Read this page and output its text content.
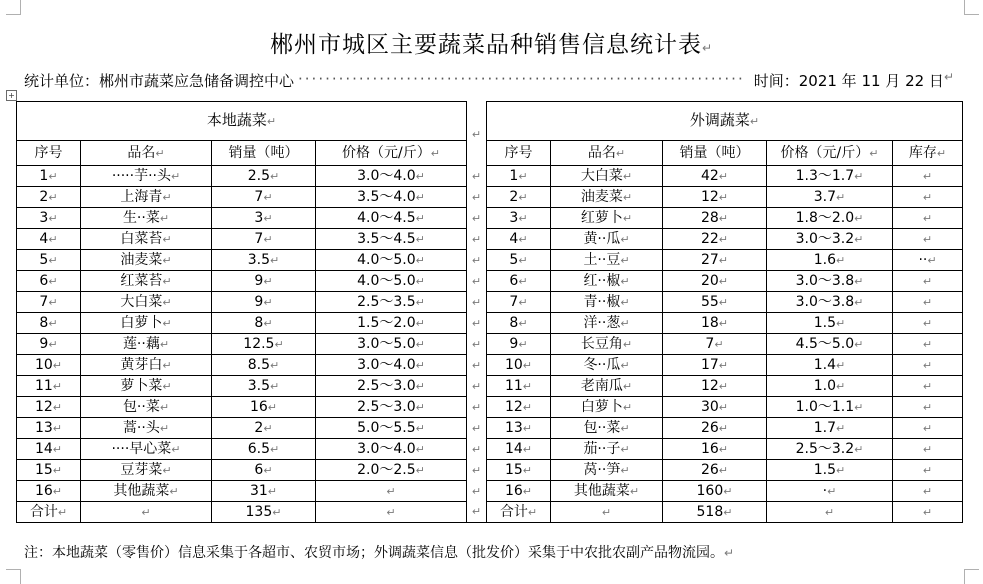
郴州市城区主要蔬菜品种销售信息统计表↵
统计单位：郴州市蔬菜应急储备调控中心 ·································································· 时间：2021 年 11 月 22 日 ↵
+
本地蔬菜↵				↵	外调蔬菜↵				
序号	品名↵	销量（吨）	价格（元/斤）↵		序号	品名↵	销量（吨）	价格（元/斤）↵	库存↵
1↵	·····芋··头↵	2.5↵	3.0～4.0↵	↵	1↵	大白菜↵	42↵	1.3～1.7↵	↵
2↵	上海青↵	7↵	3.5～4.0↵	↵	2↵	油麦菜↵	12↵	3.7↵	↵
3↵	生··菜↵	3↵	4.0～4.5↵	↵	3↵	红萝卜↵	28↵	1.8～2.0↵	↵
4↵	白菜苔↵	7↵	3.5～4.5↵	↵	4↵	黄··瓜↵	22↵	3.0～3.2↵	↵
5↵	油麦菜↵	3.5↵	4.0～5.0↵	↵	5↵	土··豆↵	27↵	1.6↵	··↵
6↵	红菜苔↵	9↵	4.0～5.0↵	↵	6↵	红··椒↵	20↵	3.0～3.8↵	↵
7↵	大白菜↵	9↵	2.5～3.5↵	↵	7↵	青··椒↵	55↵	3.0～3.8↵	↵
8↵	白萝卜↵	8↵	1.5～2.0↵	↵	8↵	洋··葱↵	18↵	1.5↵	↵
9↵	莲··藕↵	12.5↵	3.0～5.0↵	↵	9↵	长豆角↵	7↵	4.5～5.0↵	↵
10↵	黄芽白↵	8.5↵	3.0～4.0↵	↵	10↵	冬··瓜↵	17↵	1.4↵	↵
11↵	萝卜菜↵	3.5↵	2.5～3.0↵	↵	11↵	老南瓜↵	12↵	1.0↵	↵
12↵	包··菜↵	16↵	2.5～3.0↵	↵	12↵	白萝卜↵	30↵	1.0～1.1↵	↵
13↵	蒿··头↵	2↵	5.0～5.5↵	↵	13↵	包··菜↵	26↵	1.7↵	↵
14↵	····早心菜↵	6.5↵	3.0～4.0↵	↵	14↵	茄··子↵	16↵	2.5～3.2↵	↵
15↵	豆芽菜↵	6↵	2.0～2.5↵	↵	15↵	莴··笋↵	26↵	1.5↵	↵
16↵	其他蔬菜↵	31↵	↵	↵	16↵	其他蔬菜↵	160↵	·↵	↵
合计↵	↵	135↵	↵	↵	合计↵	↵	518↵	↵	↵
注：本地蔬菜（零售价）信息采集于各超市、农贸市场；外调蔬菜信息（批发价）采集于中农批农副产品物流园。↵
